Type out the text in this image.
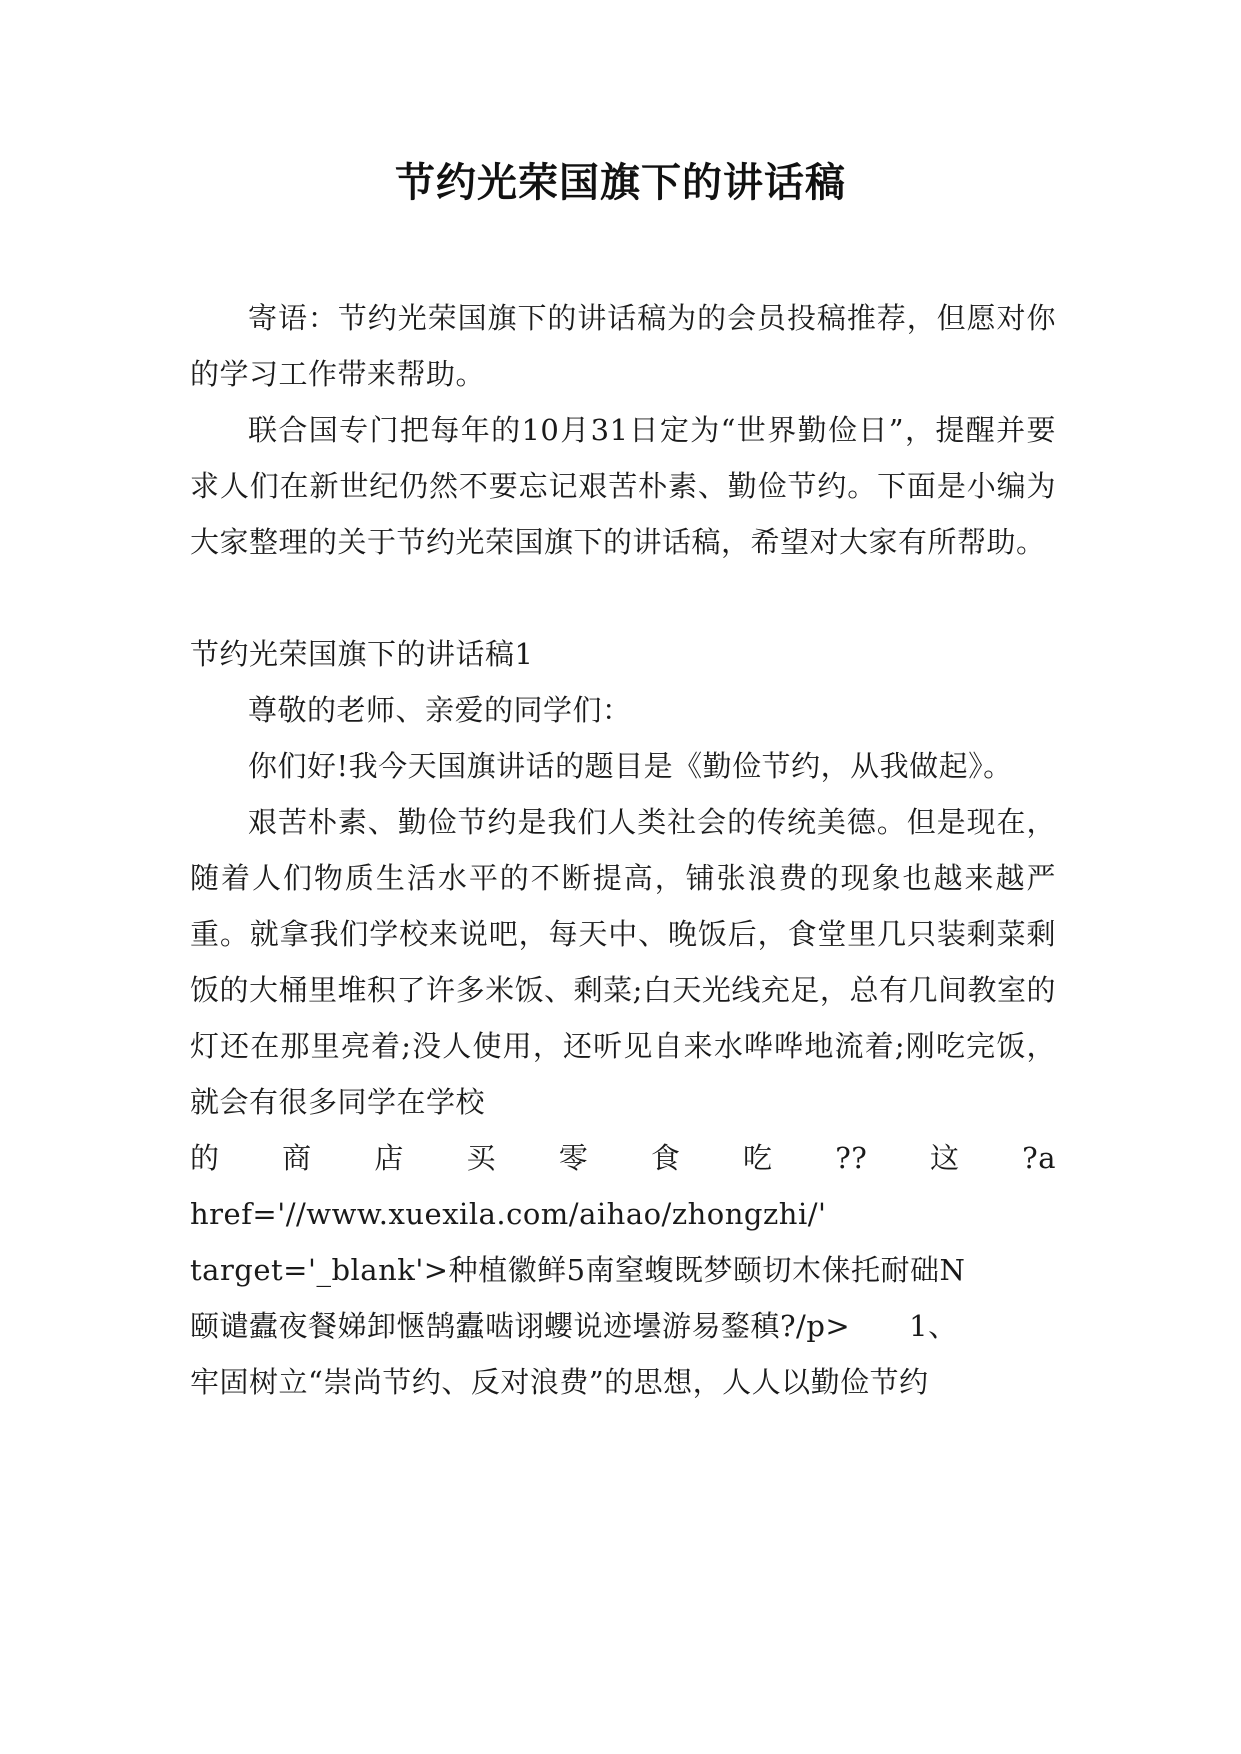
节约光荣国旗下的讲话稿

寄语：节约光荣国旗下的讲话稿为的会员投稿推荐，但愿对你的学习工作带来帮助。

联合国专门把每年的10月31日定为“世界勤俭日”，提醒并要求人们在新世纪仍然不要忘记艰苦朴素、勤俭节约。下面是小编为大家整理的关于节约光荣国旗下的讲话稿，希望对大家有所帮助。

节约光荣国旗下的讲话稿1

尊敬的老师、亲爱的同学们：

你们好!我今天国旗讲话的题目是《勤俭节约，从我做起》。

艰苦朴素、勤俭节约是我们人类社会的传统美德。但是现在，随着人们物质生活水平的不断提高，铺张浪费的现象也越来越严重。就拿我们学校来说吧，每天中、晚饭后，食堂里几只装剩菜剩饭的大桶里堆积了许多米饭、剩菜;白天光线充足，总有几间教室的灯还在那里亮着;没人使用，还听见自来水哗哗地流着;刚吃完饭，就会有很多同学在学校

的 商 店 买 零 食 吃 ?? 这 ?a

href='//www.xuexila.com/aihao/zhongzhi/'

target='_blank'>种植徽鲜5南窒蝮既梦颐切木俫托耐础N

颐谴蠹夜餐娣卸愜鹄蠹啮诩蠳说迹壜游易鍪稹?/p>　　1、

牢固树立“崇尚节约、反对浪费”的思想，人人以勤俭节约
